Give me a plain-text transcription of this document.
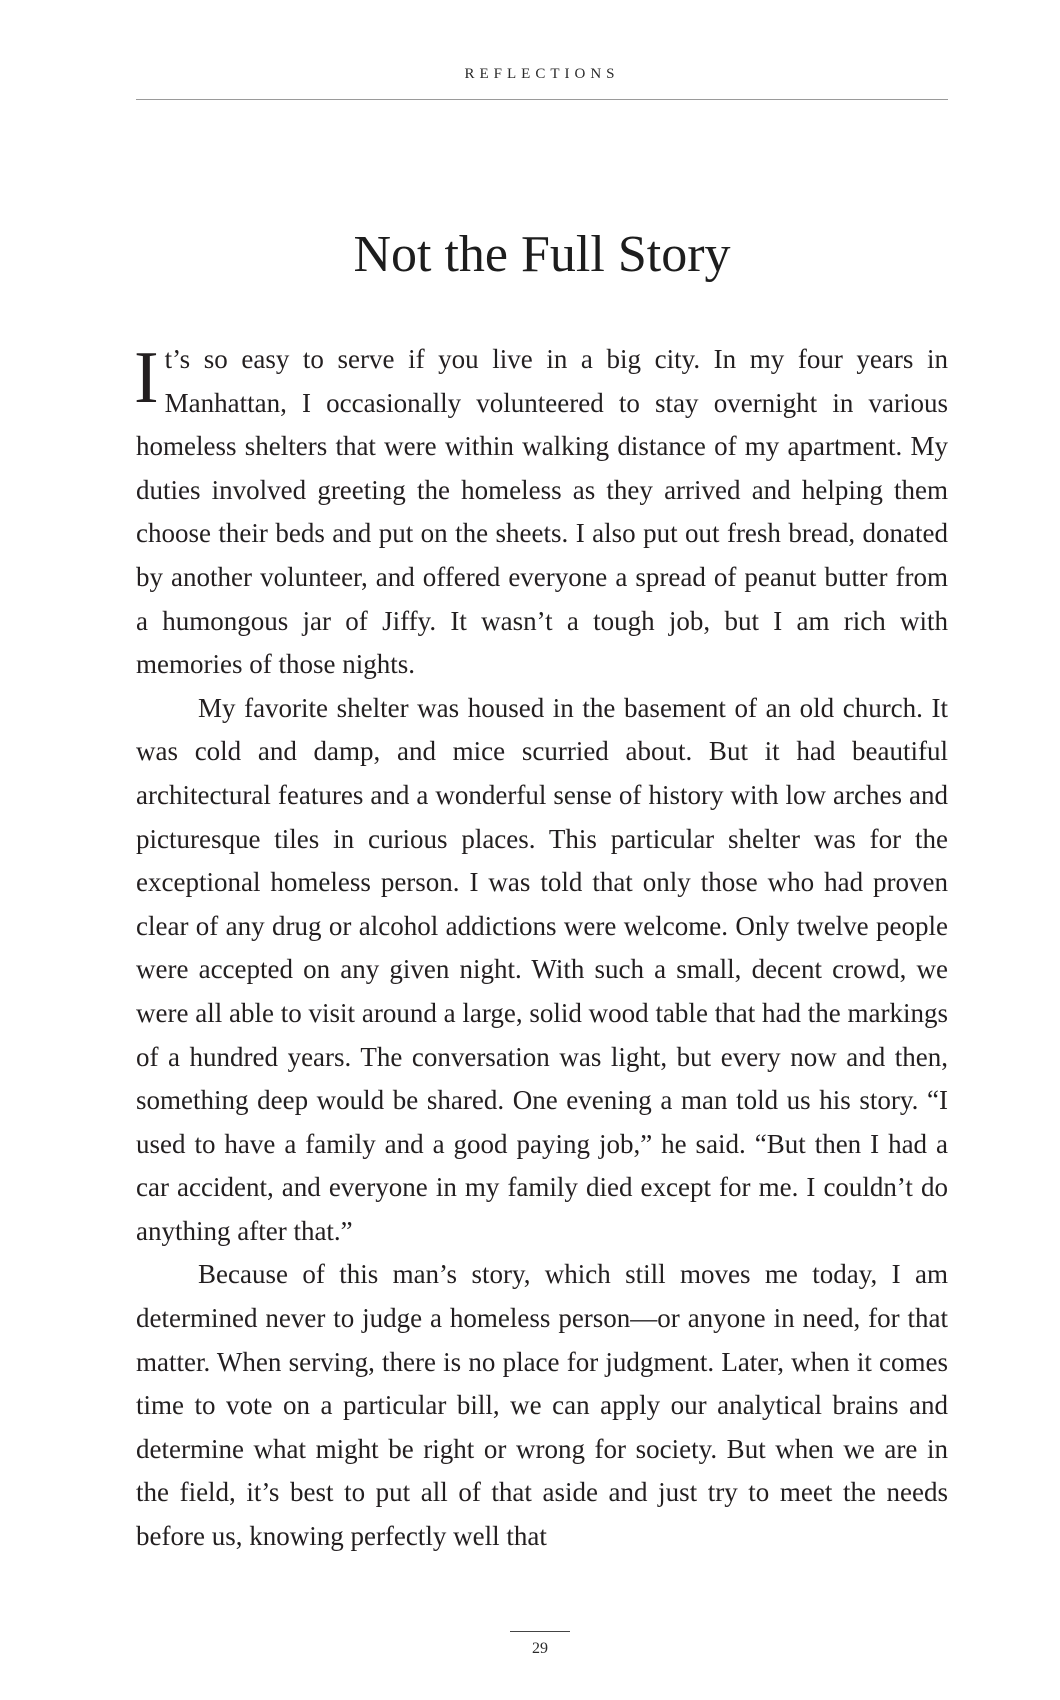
REFLECTIONS
Not the Full Story

It’s so easy to serve if you live in a big city. In my four years in Manhattan, I occasionally volunteered to stay overnight in various homeless shelters that were within walking distance of my apartment. My duties involved greeting the homeless as they arrived and helping them choose their beds and put on the sheets. I also put out fresh bread, donated by another volunteer, and offered everyone a spread of peanut butter from a humongous jar of Jiffy. It wasn’t a tough job, but I am rich with memories of those nights.

My favorite shelter was housed in the basement of an old church. It was cold and damp, and mice scurried about. But it had beautiful architectural features and a wonderful sense of history with low arches and picturesque tiles in curious places. This particular shelter was for the exceptional homeless person. I was told that only those who had proven clear of any drug or alcohol addictions were welcome. Only twelve people were accepted on any given night. With such a small, decent crowd, we were all able to visit around a large, solid wood table that had the markings of a hundred years. The conversation was light, but every now and then, something deep would be shared. One evening a man told us his story. “I used to have a family and a good paying job,” he said. “But then I had a car accident, and everyone in my family died except for me. I couldn’t do anything after that.”

Because of this man’s story, which still moves me today, I am determined never to judge a homeless person—or anyone in need, for that matter. When serving, there is no place for judgment. Later, when it comes time to vote on a particular bill, we can apply our analytical brains and determine what might be right or wrong for society. But when we are in the field, it’s best to put all of that aside and just try to meet the needs before us, knowing perfectly well that

29
